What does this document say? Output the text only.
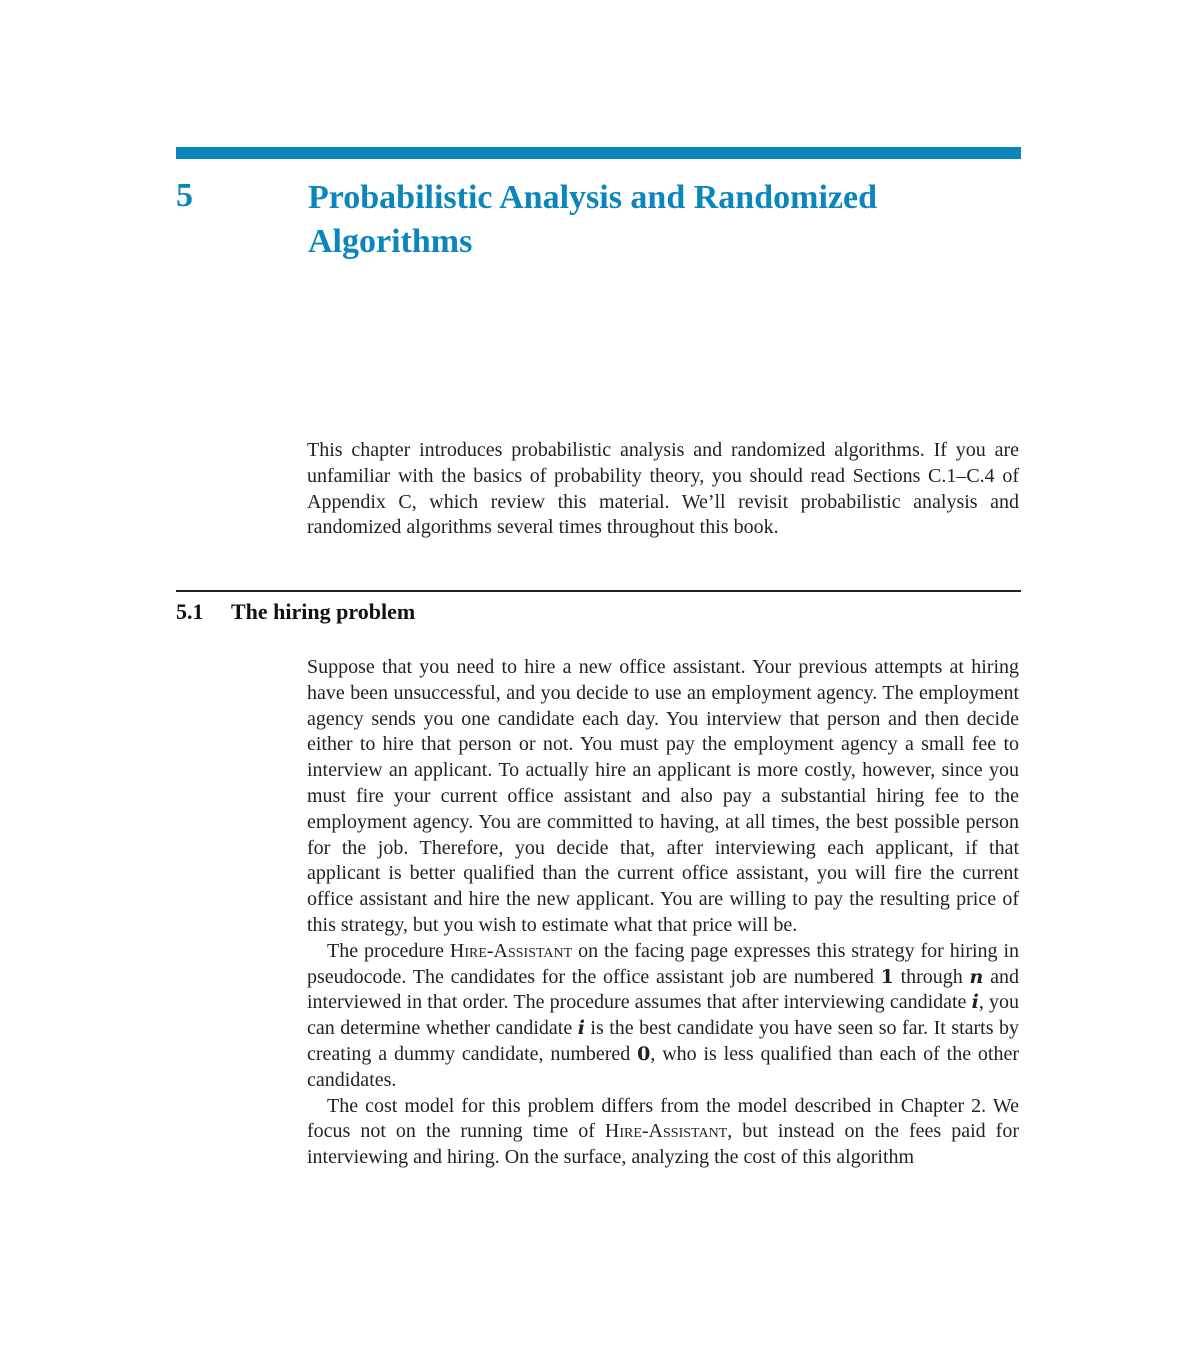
5	Probabilistic Analysis and Randomized Algorithms

This chapter introduces probabilistic analysis and randomized algorithms. If you are unfamiliar with the basics of probability theory, you should read Sections C.1–C.4 of Appendix C, which review this material. We’ll revisit probabilistic analysis and randomized algorithms several times throughout this book.

5.1 The hiring problem

Suppose that you need to hire a new office assistant. Your previous attempts at hiring have been unsuccessful, and you decide to use an employment agency. The employment agency sends you one candidate each day. You interview that person and then decide either to hire that person or not. You must pay the employment agency a small fee to interview an applicant. To actually hire an applicant is more costly, however, since you must fire your current office assistant and also pay a substantial hiring fee to the employment agency. You are committed to having, at all times, the best possible person for the job. Therefore, you decide that, after interviewing each applicant, if that applicant is better qualified than the current office assistant, you will fire the current office assistant and hire the new applicant. You are willing to pay the resulting price of this strategy, but you wish to estimate what that price will be.

The procedure Hire-Assistant on the facing page expresses this strategy for hiring in pseudocode. The candidates for the office assistant job are numbered 1 through n and interviewed in that order. The procedure assumes that after interviewing candidate i, you can determine whether candidate i is the best candidate you have seen so far. It starts by creating a dummy candidate, numbered 0, who is less qualified than each of the other candidates.

The cost model for this problem differs from the model described in Chapter 2. We focus not on the running time of Hire-Assistant, but instead on the fees paid for interviewing and hiring. On the surface, analyzing the cost of this algorithm
